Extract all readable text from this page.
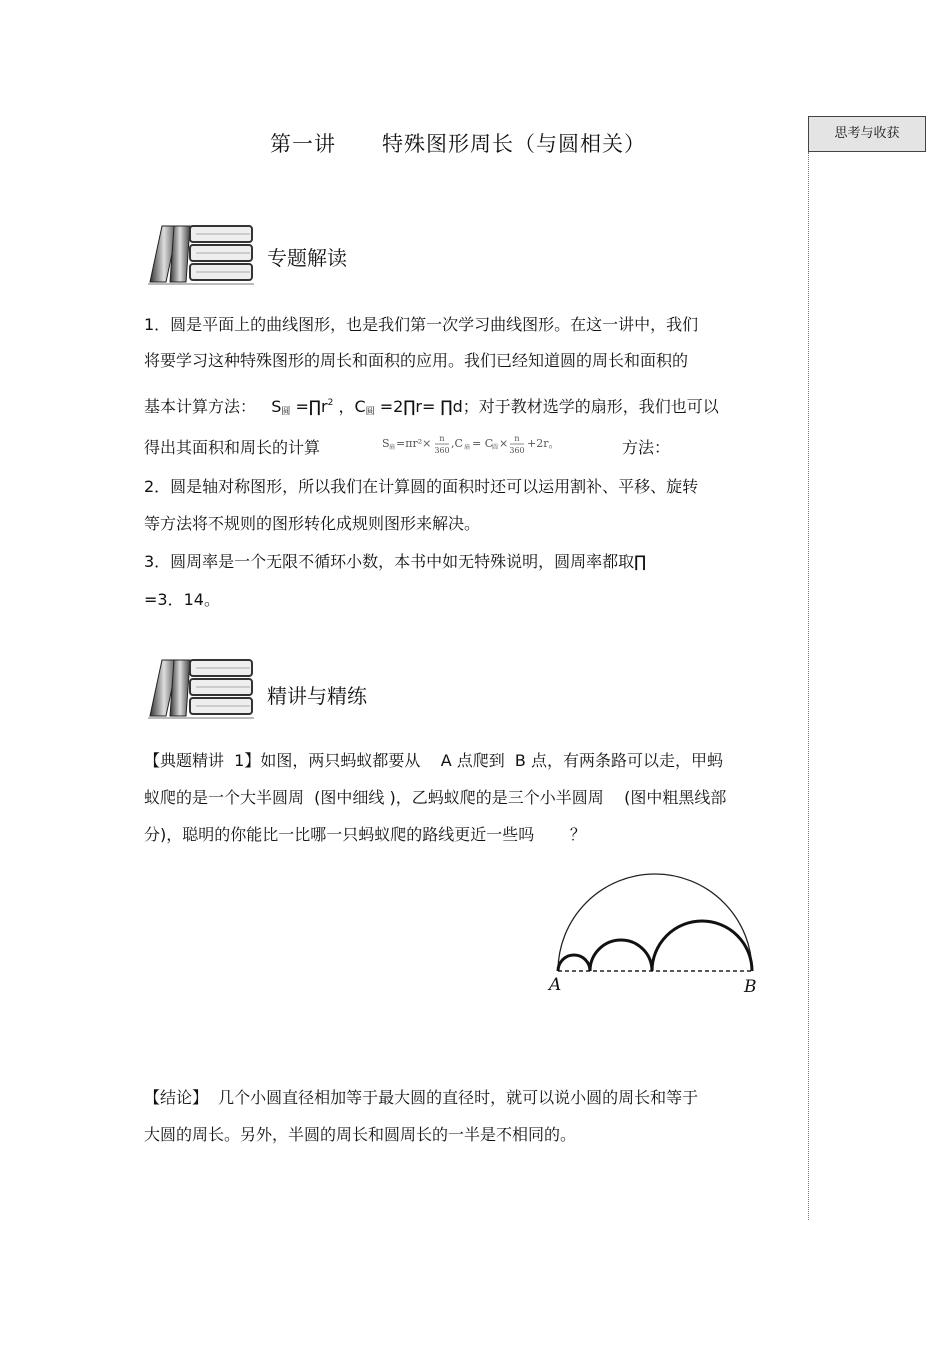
第一讲      特殊图形周长（与圆相关）	思考与收获
专题解读
1．圆是平面上的曲线图形，也是我们第一次学习曲线图形。在这一讲中，我们
将要学习这种特殊图形的周长和面积的应用。我们已经知道圆的周长和面积的
基本计算方法：   $S_圆$ $=\prod r^2$ ，$C_圆$ =2∏r= ∏d；对于教材选学的扇形，我们也可以
得出其面积和周长的计算	S 扇 =πr²× n
360
,C 扇 = C
圆 × n
360
+2r。	方法：
2．圆是轴对称图形，所以我们在计算圆的面积时还可以运用割补、平移、旋转
等方法将不规则的图形转化成规则图形来解决。
3．圆周率是一个无限不循环小数，本书中如无特殊说明，圆周率都取∏
=3．14。
精讲与精练
【典题精讲  1】如图，两只蚂蚁都要从    A 点爬到  B 点，有两条路可以走，甲蚂
蚁爬的是一个大半圆周  (图中细线 )，乙蚂蚁爬的是三个小半圆周    (图中粗黑线部
分)，聪明的你能比一比哪一只蚂蚁爬的路线更近一些吗       ？
A	B
【结论】  几个小圆直径相加等于最大圆的直径时，就可以说小圆的周长和等于
大圆的周长。另外，半圆的周长和圆周长的一半是不相同的。
